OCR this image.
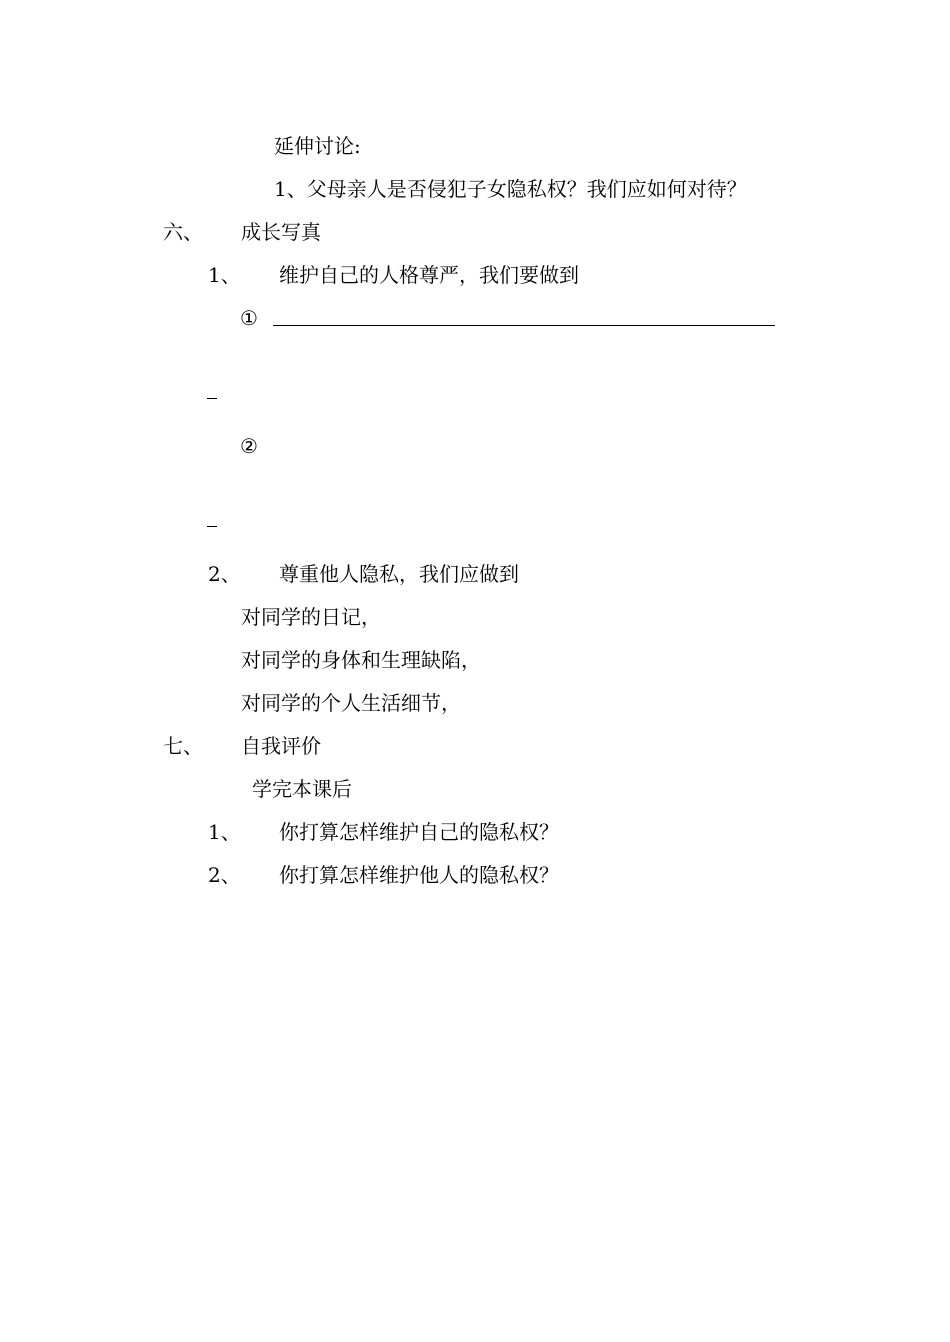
延伸讨论:
1、父母亲人是否侵犯子女隐私权？我们应如何对待？
六、 成长写真
1、 维护自己的人格尊严，我们要做到
①
②
2、 尊重他人隐私，我们应做到
对同学的日记，
对同学的身体和生理缺陷，
对同学的个人生活细节，
七、 自我评价
学完本课后
1、 你打算怎样维护自己的隐私权？
2、 你打算怎样维护他人的隐私权？
